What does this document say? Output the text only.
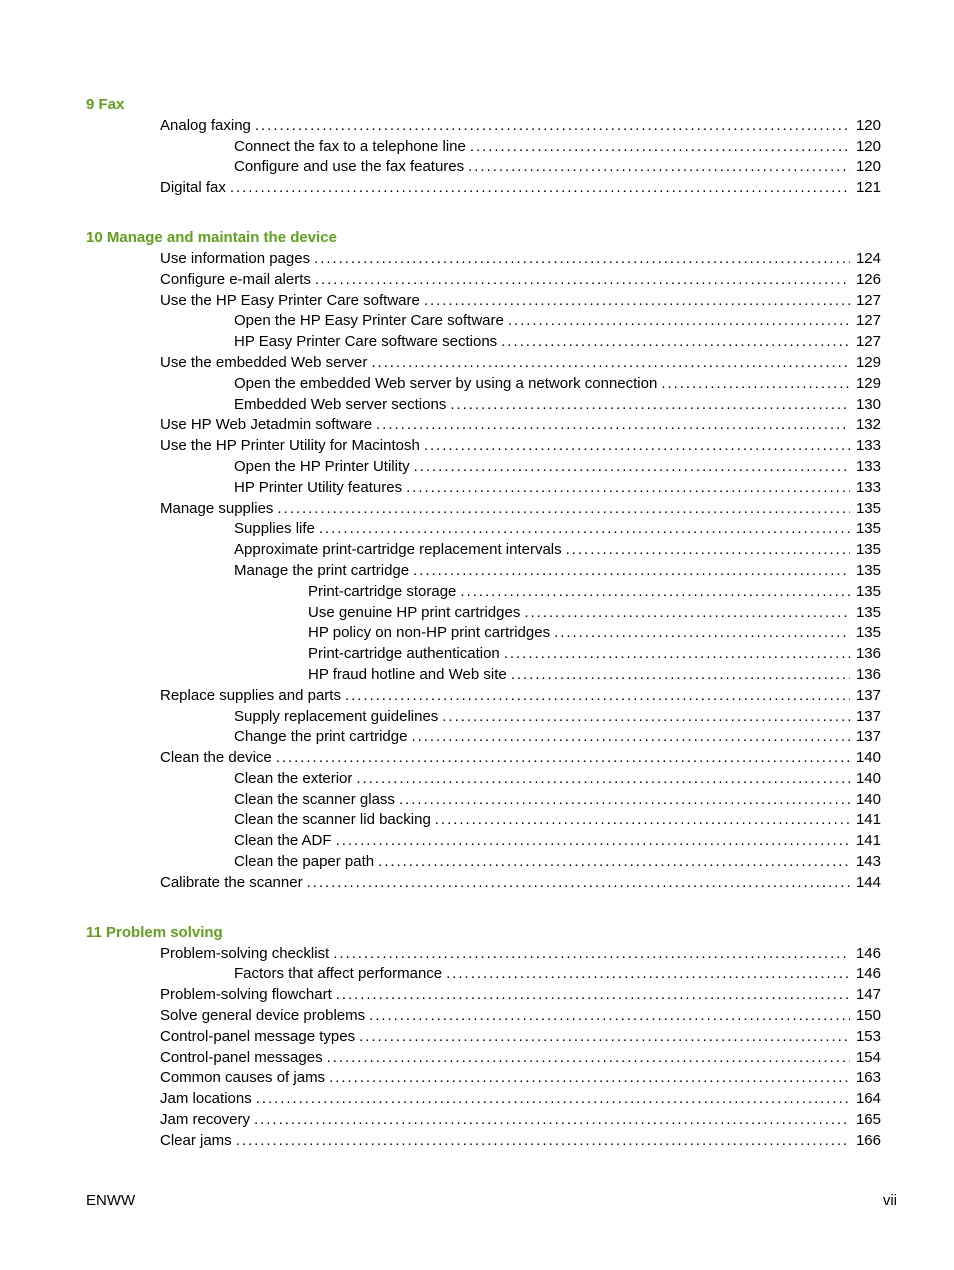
9 Fax
Analog faxing . . .	120
Connect the fax to a telephone line . . .	120
Configure and use the fax features . . .	120
Digital fax . . .	121
10 Manage and maintain the device
Use information pages . . .	124
Configure e-mail alerts . . .	126
Use the HP Easy Printer Care software . . .	127
Open the HP Easy Printer Care software . . .	127
HP Easy Printer Care software sections . . .	127
Use the embedded Web server . . .	129
Open the embedded Web server by using a network connection . . .	129
Embedded Web server sections . . .	130
Use HP Web Jetadmin software . . .	132
Use the HP Printer Utility for Macintosh . . .	133
Open the HP Printer Utility . . .	133
HP Printer Utility features . . .	133
Manage supplies . . .	135
Supplies life . . .	135
Approximate print-cartridge replacement intervals . . .	135
Manage the print cartridge . . .	135
Print-cartridge storage . . .	135
Use genuine HP print cartridges . . .	135
HP policy on non-HP print cartridges . . .	135
Print-cartridge authentication . . .	136
HP fraud hotline and Web site . . .	136
Replace supplies and parts . . .	137
Supply replacement guidelines . . .	137
Change the print cartridge . . .	137
Clean the device . . .	140
Clean the exterior . . .	140
Clean the scanner glass . . .	140
Clean the scanner lid backing . . .	141
Clean the ADF . . .	141
Clean the paper path . . .	143
Calibrate the scanner . . .	144
11 Problem solving
Problem-solving checklist . . .	146
Factors that affect performance . . .	146
Problem-solving flowchart . . .	147
Solve general device problems . . .	150
Control-panel message types . . .	153
Control-panel messages . . .	154
Common causes of jams . . .	163
Jam locations . . .	164
Jam recovery . . .	165
Clear jams . . .	166
ENWW	vii
